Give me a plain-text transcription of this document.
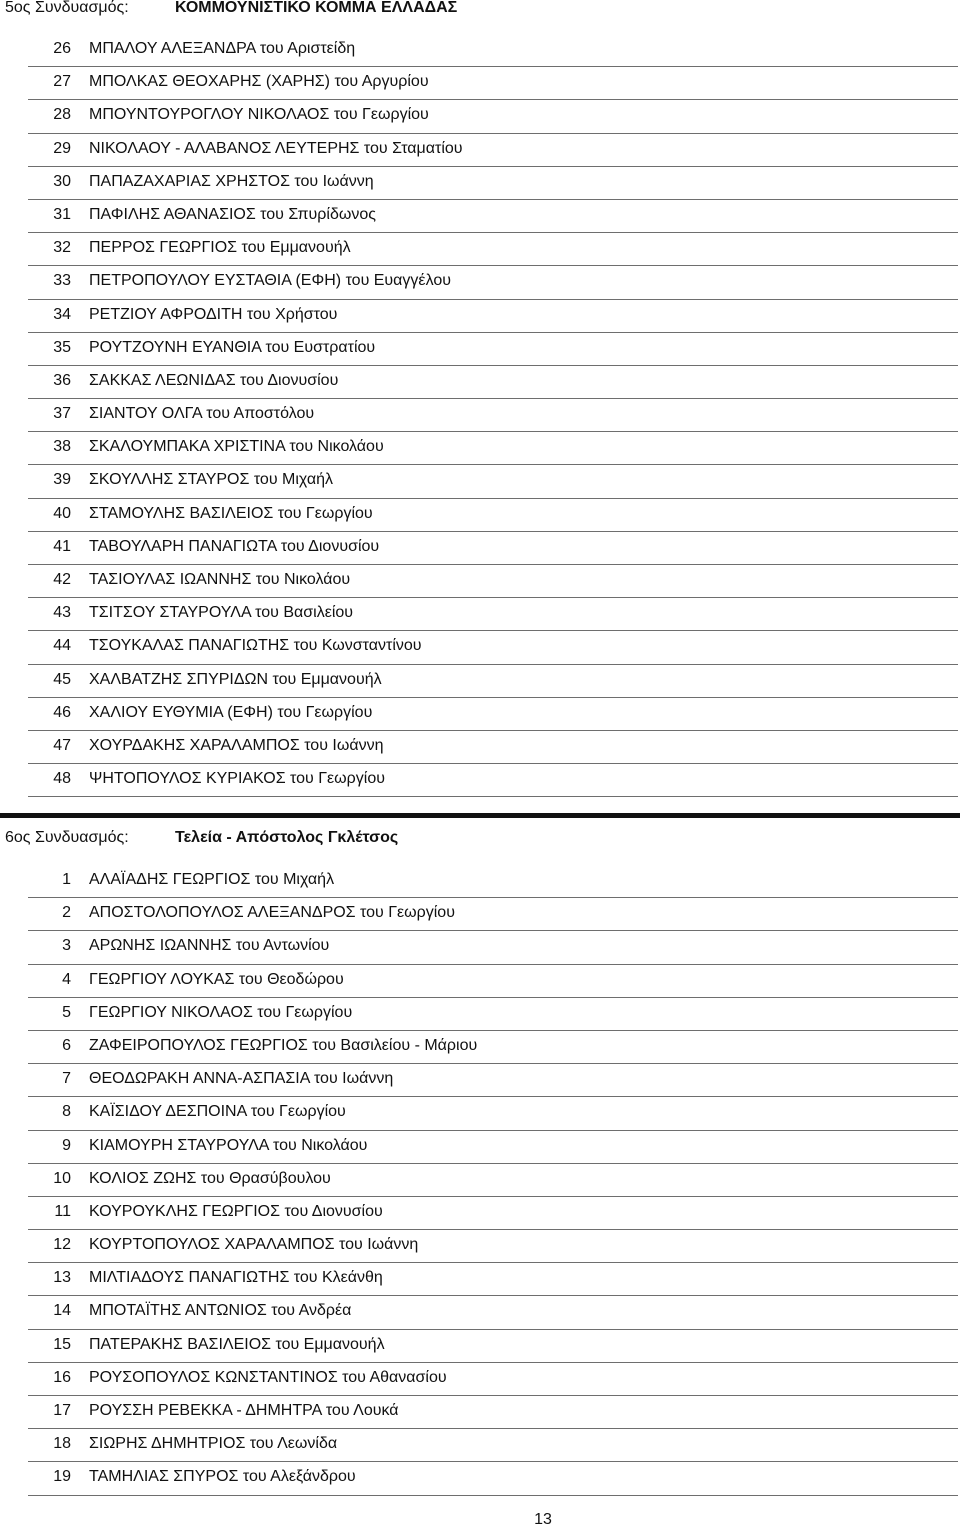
5ος Συνδυασμός:	ΚΟΜΜΟΥΝΙΣΤΙΚΟ ΚΟΜΜΑ ΕΛΛΑΔΑΣ
26 ΜΠΑΛΟΥ ΑΛΕΞΑΝΔΡΑ του Αριστείδη
27 ΜΠΟΛΚΑΣ ΘΕΟΧΑΡΗΣ (ΧΑΡΗΣ) του Αργυρίου
28 ΜΠΟΥΝΤΟΥΡΟΓΛΟΥ ΝΙΚΟΛΑΟΣ του Γεωργίου
29 ΝΙΚΟΛΑΟΥ - ΑΛΑΒΑΝΟΣ ΛΕΥΤΕΡΗΣ του Σταματίου
30 ΠΑΠΑΖΑΧΑΡΙΑΣ ΧΡΗΣΤΟΣ του Ιωάννη
31 ΠΑΦΙΛΗΣ ΑΘΑΝΑΣΙΟΣ του Σπυρίδωνος
32 ΠΕΡΡΟΣ ΓΕΩΡΓΙΟΣ του Εμμανουήλ
33 ΠΕΤΡΟΠΟΥΛΟΥ ΕΥΣΤΑΘΙΑ (ΕΦΗ) του Ευαγγέλου
34 ΡΕΤΖΙΟΥ ΑΦΡΟΔΙΤΗ του Χρήστου
35 ΡΟΥΤΖΟΥΝΗ ΕΥΑΝΘΙΑ του Ευστρατίου
36 ΣΑΚΚΑΣ ΛΕΩΝΙΔΑΣ του Διονυσίου
37 ΣΙΑΝΤΟΥ ΟΛΓΑ του Αποστόλου
38 ΣΚΑΛΟΥΜΠΑΚΑ ΧΡΙΣΤΙΝΑ του Νικολάου
39 ΣΚΟΥΛΛΗΣ ΣΤΑΥΡΟΣ του Μιχαήλ
40 ΣΤΑΜΟΥΛΗΣ ΒΑΣΙΛΕΙΟΣ του Γεωργίου
41 ΤΑΒΟΥΛΑΡΗ ΠΑΝΑΓΙΩΤΑ του Διονυσίου
42 ΤΑΣΙΟΥΛΑΣ ΙΩΑΝΝΗΣ του Νικολάου
43 ΤΣΙΤΣΟΥ ΣΤΑΥΡΟΥΛΑ του Βασιλείου
44 ΤΣΟΥΚΑΛΑΣ ΠΑΝΑΓΙΩΤΗΣ του Κωνσταντίνου
45 ΧΑΛΒΑΤΖΗΣ ΣΠΥΡΙΔΩΝ του Εμμανουήλ
46 ΧΑΛΙΟΥ ΕΥΘΥΜΙΑ (ΕΦΗ) του Γεωργίου
47 ΧΟΥΡΔΑΚΗΣ ΧΑΡΑΛΑΜΠΟΣ του Ιωάννη
48 ΨΗΤΟΠΟΥΛΟΣ ΚΥΡΙΑΚΟΣ του Γεωργίου
6ος Συνδυασμός:	Τελεία - Απόστολος Γκλέτσος
1 ΑΛΑΪΑΔΗΣ ΓΕΩΡΓΙΟΣ του Μιχαήλ
2 ΑΠΟΣΤΟΛΟΠΟΥΛΟΣ ΑΛΕΞΑΝΔΡΟΣ του Γεωργίου
3 ΑΡΩΝΗΣ ΙΩΑΝΝΗΣ του Αντωνίου
4 ΓΕΩΡΓΙΟΥ ΛΟΥΚΑΣ του Θεοδώρου
5 ΓΕΩΡΓΙΟΥ ΝΙΚΟΛΑΟΣ του Γεωργίου
6 ΖΑΦΕΙΡΟΠΟΥΛΟΣ ΓΕΩΡΓΙΟΣ του Βασιλείου - Μάριου
7 ΘΕΟΔΩΡΑΚΗ ΑΝΝΑ-ΑΣΠΑΣΙΑ του Ιωάννη
8 ΚΑΪΣΙΔΟΥ ΔΕΣΠΟΙΝΑ του Γεωργίου
9 ΚΙΑΜΟΥΡΗ ΣΤΑΥΡΟΥΛΑ του Νικολάου
10 ΚΟΛΙΟΣ ΖΩΗΣ του Θρασύβουλου
11 ΚΟΥΡΟΥΚΛΗΣ ΓΕΩΡΓΙΟΣ του Διονυσίου
12 ΚΟΥΡΤΟΠΟΥΛΟΣ ΧΑΡΑΛΑΜΠΟΣ του Ιωάννη
13 ΜΙΛΤΙΑΔΟΥΣ ΠΑΝΑΓΙΩΤΗΣ του Κλεάνθη
14 ΜΠΟΤΑΪΤΗΣ ΑΝΤΩΝΙΟΣ του Ανδρέα
15 ΠΑΤΕΡΑΚΗΣ ΒΑΣΙΛΕΙΟΣ του Εμμανουήλ
16 ΡΟΥΣΟΠΟΥΛΟΣ ΚΩΝΣΤΑΝΤΙΝΟΣ του Αθανασίου
17 ΡΟΥΣΣΗ ΡΕΒΕΚΚΑ - ΔΗΜΗΤΡΑ του Λουκά
18 ΣΙΩΡΗΣ ΔΗΜΗΤΡΙΟΣ του Λεωνίδα
19 ΤΑΜΗΛΙΑΣ ΣΠΥΡΟΣ του Αλεξάνδρου
13
